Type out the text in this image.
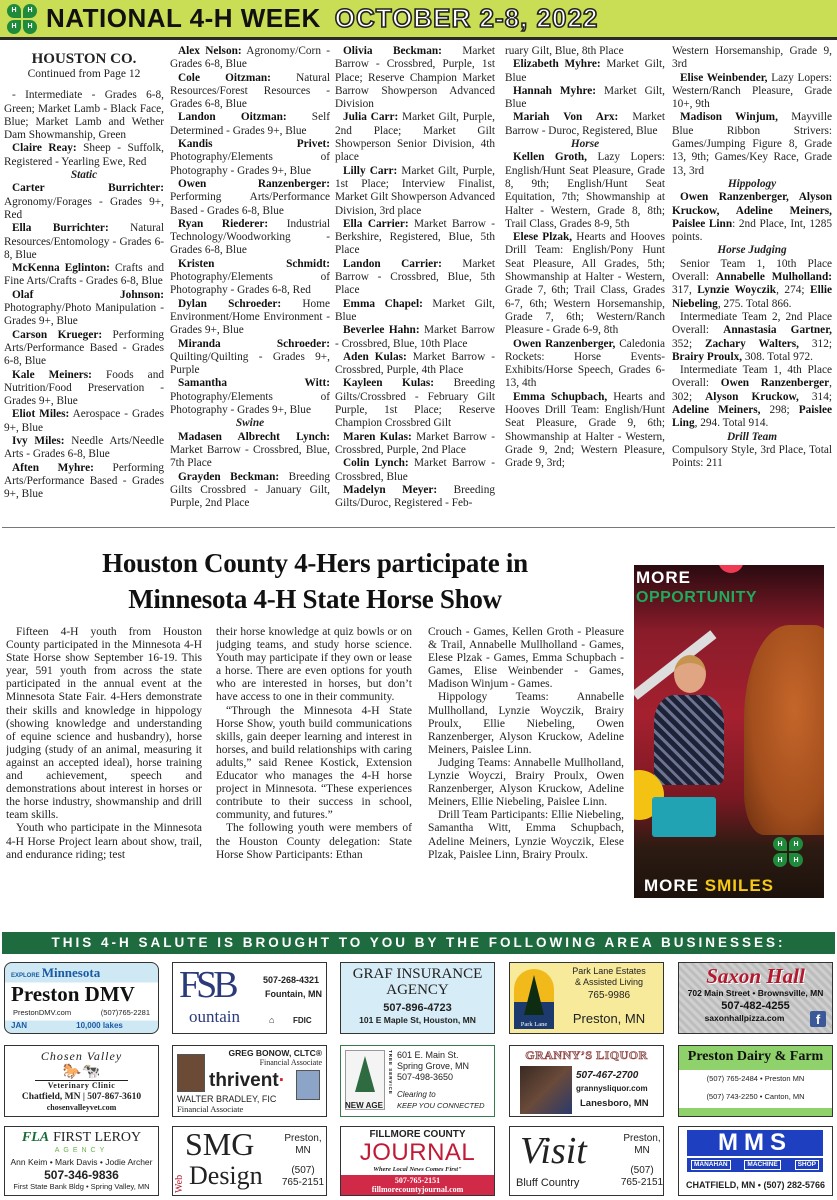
H	H
H	H NATIONAL 4-H WEEK OCTOBER 2-8, 2022

HOUSTON CO.

Continued from Page 12

- Intermediate - Grades 6-8, Green; Market Lamb - Black Face, Blue; Market Lamb and Wether Dam Showmanship, Green

Claire Reay: Sheep - Suffolk, Registered - Yearling Ewe, Red

Static

Carter Burrichter: Agronomy/Forages - Grades 9+, Red

Ella Burrichter: Natural Resources/Entomology - Grades 6-8, Blue

McKenna Eglinton: Crafts and Fine Arts/Crafts - Grades 6-8, Blue

Olaf Johnson: Photography/Photo Manipulation - Grades 9+, Blue

Carson Krueger: Performing Arts/Performance Based - Grades 6-8, Blue

Kale Meiners: Foods and Nutrition/Food Preservation - Grades 9+, Blue

Eliot Miles: Aerospace - Grades 9+, Blue

Ivy Miles: Needle Arts/Needle Arts - Grades 6-8, Blue

Aften Myhre: Performing Arts/Performance Based - Grades 9+, Blue

Alex Nelson: Agronomy/Corn - Grades 6-8, Blue

Cole Oitzman: Natural Resources/Forest Resources - Grades 6-8, Blue

Landon Oitzman: Self Determined - Grades 9+, Blue

Kandis Privet: Photography/Elements of Photography - Grades 9+, Blue

Owen Ranzenberger: Performing Arts/Performance Based - Grades 6-8, Blue

Ryan Riederer: Industrial Technology/Woodworking - Grades 6-8, Blue

Kristen Schmidt: Photography/Elements of Photography - Grades 6-8, Red

Dylan Schroeder: Home Environment/Home Environment - Grades 9+, Blue

Miranda Schroeder: Quilting/Quilting - Grades 9+, Purple

Samantha Witt: Photography/Elements of Photography - Grades 9+, Blue

Swine

Madasen Albrecht Lynch: Market Barrow - Crossbred, Blue, 7th Place

Grayden Beckman: Breeding Gilts Crossbred - January Gilt, Purple, 2nd Place

Olivia Beckman: Market Barrow - Crossbred, Purple, 1st Place; Reserve Champion Market Barrow Showperson Advanced Division

Julia Carr: Market Gilt, Purple, 2nd Place; Market Gilt Showperson Senior Division, 4th place

Lilly Carr: Market Gilt, Purple, 1st Place; Interview Finalist, Market Gilt Showperson Advanced Division, 3rd place

Ella Carrier: Market Barrow - Berkshire, Registered, Blue, 5th Place

Landon Carrier: Market Barrow - Crossbred, Blue, 5th Place

Emma Chapel: Market Gilt, Blue

Beverlee Hahn: Market Barrow - Crossbred, Blue, 10th Place

Aden Kulas: Market Barrow - Crossbred, Purple, 4th Place

Kayleen Kulas: Breeding Gilts/Crossbred - February Gilt Purple, 1st Place; Reserve Champion Crossbred Gilt

Maren Kulas: Market Barrow - Crossbred, Purple, 2nd Place

Colin Lynch: Market Barrow - Crossbred, Blue

Madelyn Meyer: Breeding Gilts/Duroc, Registered - Feb-

ruary Gilt, Blue, 8th Place

Elizabeth Myhre: Market Gilt, Blue

Hannah Myhre: Market Gilt, Blue

Mariah Von Arx: Market Barrow - Duroc, Registered, Blue

Horse

Kellen Groth, Lazy Lopers: English/Hunt Seat Pleasure, Grade 8, 9th; English/Hunt Seat Equitation, 7th; Showmanship at Halter - Western, Grade 8, 8th; Trail Class, Grades 8-9, 5th

Elese Plzak, Hearts and Hooves Drill Team: English/Pony Hunt Seat Pleasure, All Grades, 5th; Showmanship at Halter - Western, Grade 7, 6th; Trail Class, Grades 6-7, 6th; Western Horsemanship, Grade 7, 6th; Western/Ranch Pleasure - Grade 6-9, 8th

Owen Ranzenberger, Caledonia Rockets: Horse Events-Exhibits/Horse Speech, Grades 6-13, 4th

Emma Schupbach, Hearts and Hooves Drill Team: English/Hunt Seat Pleasure, Grade 9, 6th; Showmanship at Halter - Western, Grade 9, 2nd; Western Pleasure, Grade 9, 3rd;

Western Horsemanship, Grade 9, 3rd

Elise Weinbender, Lazy Lopers: Western/Ranch Pleasure, Grade 10+, 9th

Madison Winjum, Mayville Blue Ribbon Strivers: Games/Jumping Figure 8, Grade 13, 9th; Games/Key Race, Grade 13, 3rd

Hippology

Owen Ranzenberger, Alyson Kruckow, Adeline Meiners, Paislee Linn: 2nd Place, Int, 1285 points.

Horse Judging

Senior Team 1, 10th Place Overall: Annabelle Mulholland: 317, Lynzie Woyczik, 274; Ellie Niebeling, 275. Total 866.

Intermediate Team 2, 2nd Place Overall: Annastasia Gartner, 352; Zachary Walters, 312; Brairy Proulx, 308. Total 972.

Intermediate Team 1, 4th Place Overall: Owen Ranzenberger, 302; Alyson Kruckow, 314; Adeline Meiners, 298; Paislee Ling, 294. Total 914.

Drill Team

Compulsory Style, 3rd Place, Total Points: 211

Houston County 4-Hers participate in
Minnesota 4-H State Horse Show

Fifteen 4-H youth from Houston County participated in the Minnesota 4-H State Horse show September 16-19. This year, 591 youth from across the state participated in the annual event at the Minnesota State Fair. 4-Hers demonstrate their skills and knowledge in hippology (showing knowledge and understanding of equine science and husbandry), horse judging (study of an animal, measuring it against an accepted ideal), horse training and achievement, speech and demonstrations about interest in horses or the horse industry, showmanship and drill team skills.

Youth who participate in the Minnesota 4-H Horse Project learn about show, trail, and endurance riding; test

their horse knowledge at quiz bowls or on judging teams, and study horse science. Youth may participate if they own or lease a horse. There are even options for youth who are interested in horses, but don’t have access to one in their community.

“Through the Minnesota 4-H State Horse Show, youth build communications skills, gain deeper learning and interest in horses, and build relationships with caring adults,” said Renee Kostick, Extension Educator who manages the 4-H horse project in Minnesota. “These experiences contribute to their success in school, community, and futures.”

The following youth were members of the Houston County delegation: State Horse Show Participants: Ethan

Crouch - Games, Kellen Groth - Pleasure & Trail, Annabelle Mullholland - Games, Elese Plzak - Games, Emma Schupbach - Games, Elise Weinbender - Games, Madison Winjum - Games.

Hippology Teams: Annabelle Mullholland, Lynzie Woyczik, Brairy Proulx, Ellie Niebeling, Owen Ranzenberger, Alyson Kruckow, Adeline Meiners, Paislee Linn.

Judging Teams: Annabelle Mullholland, Lynzie Woyczi, Brairy Proulx, Owen Ranzenberger, Alyson Kruckow, Adeline Meiners, Ellie Niebeling, Paislee Linn.

Drill Team Participants: Ellie Niebeling, Samantha Witt, Emma Schupbach, Adeline Meiners, Lynzie Woyczik, Elese Plzak, Paislee Linn, Brairy Proulx.

MORE
OPPORTUNITY
H	H
H	H
MORE SMILES
THIS 4-H SALUTE IS BROUGHT TO YOU BY THE FOLLOWING AREA BUSINESSES:
EXPLORE Minnesota
Preston DMV
PrestonDMV.com	(507)765-2281
JAN	10,000 lakes
FSB
ountain
507-268-4321
Fountain, MN
⌂ FDIC
GRAF INSURANCE
AGENCY
507-896-4723
101 E Maple St, Houston, MN	Park Lane
Park Lane Estates
& Assisted Living
765-9986
Preston, MN
Saxon Hall
702 Main Street • Brownsville, MN
507-482-4255
saxonhallpizza.com	f
Chosen Valley
🐎🐄
Veterinary Clinic
Chatfield, MN | 507-867-3610
chosenvalleyvet.com
GREG BONOW, CLTC®
Financial Associate
thrivent·
WALTER BRADLEY, FIC
Financial Associate	NEW AGE
TREE SERVICE 601 E. Main St.
Spring Grove, MN
507-498-3650
Clearing to
KEEP YOU CONNECTED
GRANNY’S LIQUOR
507-467-2700
grannysliquor.com
Lanesboro, MN
Preston Dairy & Farm
(507) 765-2484 • Preston MN
(507) 743-2250 • Canton, MN
FLA FIRST LEROY
AGENCY
Ann Keim • Mark Davis • Jodie Archer
507-346-9836
First State Bank Bldg • Spring Valley, MN
SMG
Web Design
Preston,
MN
(507)
765-2151
FILLMORE COUNTY
JOURNAL
Where Local News Comes First"
507-765-2151
fillmorecountyjournal.com
Visit
Bluff Country
Preston,
MN
(507)
765-2151
MMS
MANAHAN	MACHINE	SHOP
CHATFIELD, MN • (507) 282-5766
